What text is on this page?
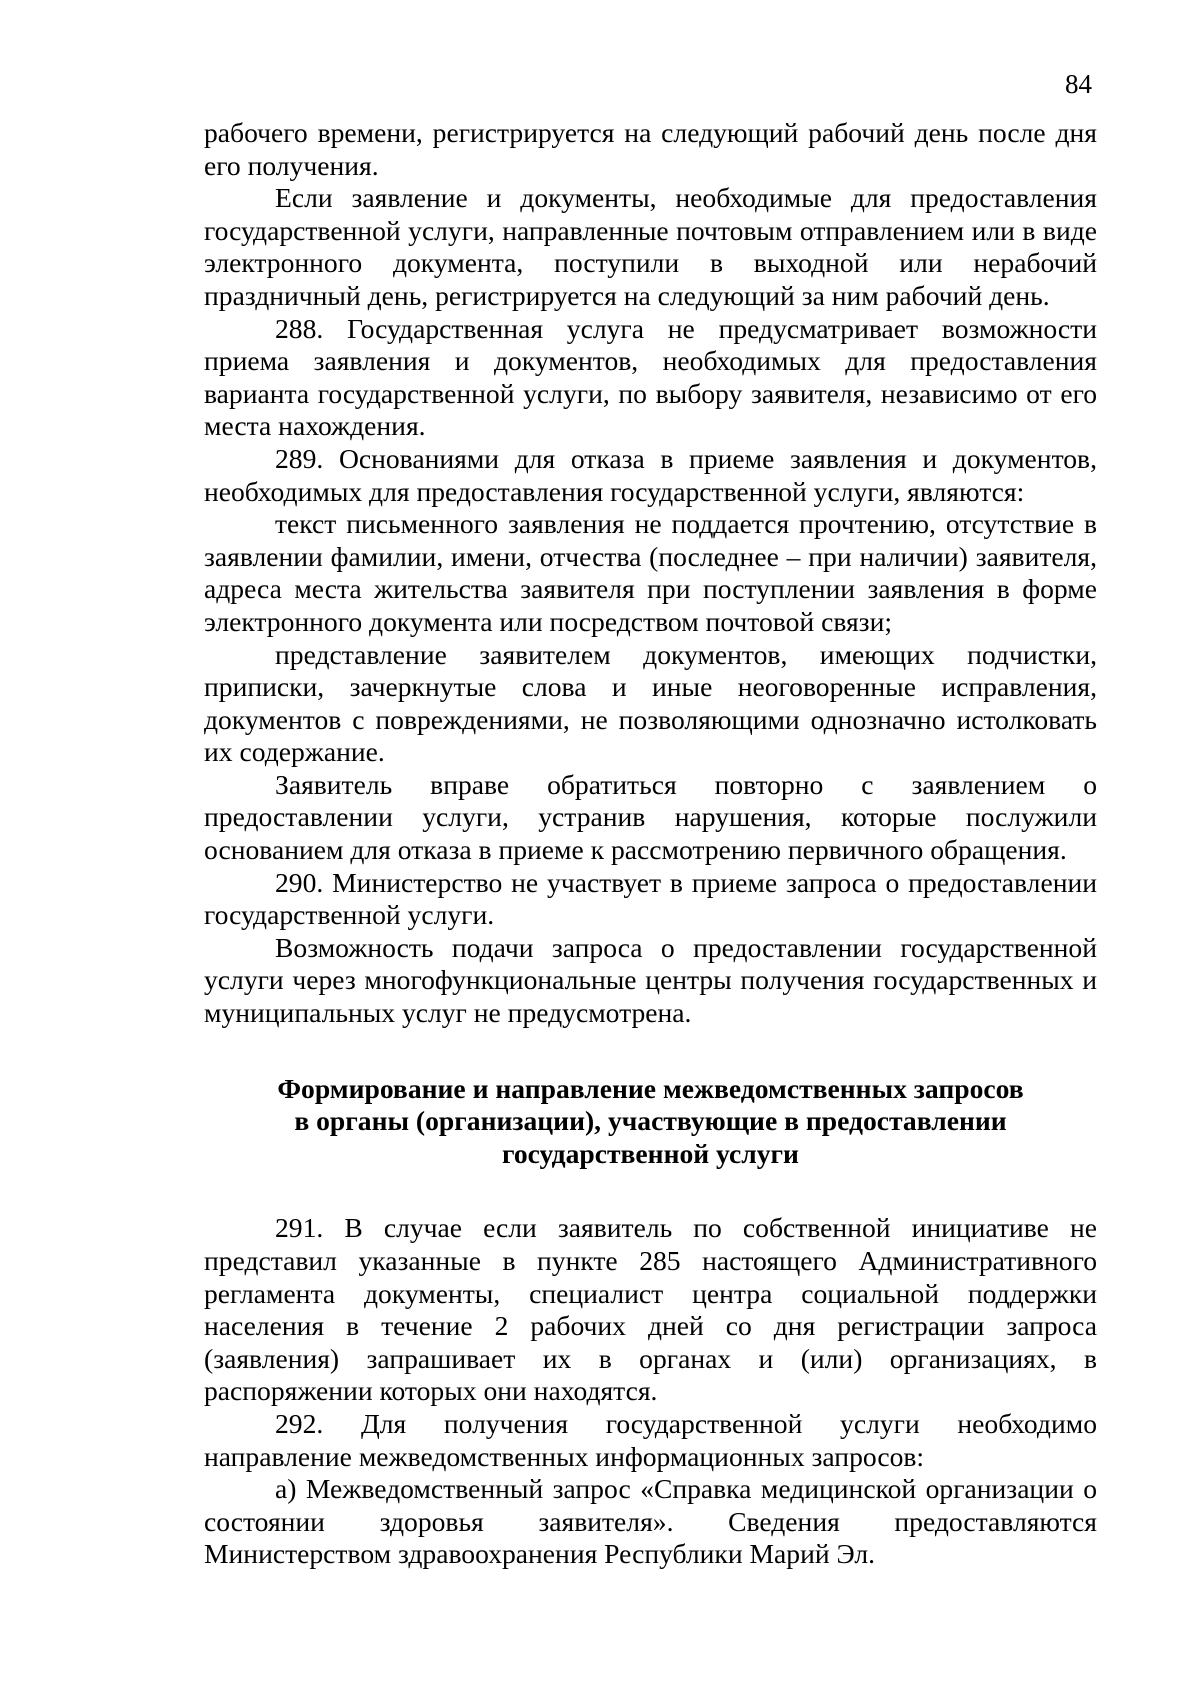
84

рабочего времени, регистрируется на следующий рабочий день после дня его получения.

Если заявление и документы, необходимые для предоставления государственной услуги, направленные почтовым отправлением или в виде электронного документа, поступили в выходной или нерабочий праздничный день, регистрируется на следующий за ним рабочий день.

288. Государственная услуга не предусматривает возможности приема заявления и документов, необходимых для предоставления варианта государственной услуги, по выбору заявителя, независимо от его места нахождения.

289. Основаниями для отказа в приеме заявления и документов, необходимых для предоставления государственной услуги, являются:

текст письменного заявления не поддается прочтению, отсутствие в заявлении фамилии, имени, отчества (последнее – при наличии) заявителя, адреса места жительства заявителя при поступлении заявления в форме электронного документа или посредством почтовой связи;

представление заявителем документов, имеющих подчистки, приписки, зачеркнутые слова и иные неоговоренные исправления, документов с повреждениями, не позволяющими однозначно истолковать их содержание.

Заявитель вправе обратиться повторно с заявлением о предоставлении услуги, устранив нарушения, которые послужили основанием для отказа в приеме к рассмотрению первичного обращения.

290. Министерство не участвует в приеме запроса о предоставлении государственной услуги.

Возможность подачи запроса о предоставлении государственной услуги через многофункциональные центры получения государственных и муниципальных услуг не предусмотрена.

Формирование и направление межведомственных запросов
в органы (организации), участвующие в предоставлении
государственной услуги

291. В случае если заявитель по собственной инициативе не представил указанные в пункте 285 настоящего Административного регламента документы, специалист центра социальной поддержки населения в течение 2 рабочих дней со дня регистрации запроса (заявления) запрашивает их в органах и (или) организациях, в распоряжении которых они находятся.

292. Для получения государственной услуги необходимо направление межведомственных информационных запросов:

а) Межведомственный запрос «Справка медицинской организации о состоянии здоровья заявителя». Сведения предоставляются Министерством здравоохранения Республики Марий Эл.
